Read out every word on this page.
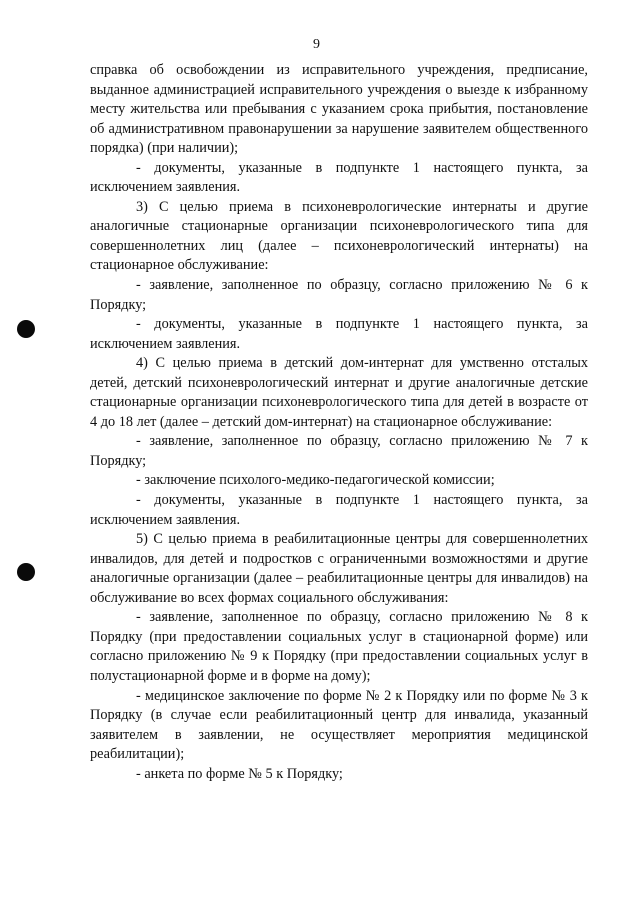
9

справка об освобождении из исправительного учреждения, предписание, выданное администрацией исправительного учреждения о выезде к избранному месту жительства или пребывания с указанием срока прибытия, постановление об административном правонарушении за нарушение заявителем общественного порядка) (при наличии);

- документы, указанные в подпункте 1 настоящего пункта, за исключением заявления.

3) С целью приема в психоневрологические интернаты и другие аналогичные стационарные организации психоневрологического типа для совершеннолетних лиц (далее – психоневрологический интернаты) на стационарное обслуживание:

- заявление, заполненное по образцу, согласно приложению № 6 к Порядку;

- документы, указанные в подпункте 1 настоящего пункта, за исключением заявления.

4) С целью приема в детский дом-интернат для умственно отсталых детей, детский психоневрологический интернат и другие аналогичные детские стационарные организации психоневрологического типа для детей в возрасте от 4 до 18 лет (далее – детский дом-интернат) на стационарное обслуживание:

- заявление, заполненное по образцу, согласно приложению № 7 к Порядку;

- заключение психолого-медико-педагогической комиссии;

- документы, указанные в подпункте 1 настоящего пункта, за исключением заявления.

5) С целью приема в реабилитационные центры для совершеннолетних инвалидов, для детей и подростков с ограниченными возможностями и другие аналогичные организации (далее – реабилитационные центры для инвалидов) на обслуживание во всех формах социального обслуживания:

- заявление, заполненное по образцу, согласно приложению № 8 к Порядку (при предоставлении социальных услуг в стационарной форме) или согласно приложению № 9 к Порядку (при предоставлении социальных услуг в полустационарной форме и в форме на дому);

- медицинское заключение по форме № 2 к Порядку или по форме № 3 к Порядку (в случае если реабилитационный центр для инвалида, указанный заявителем в заявлении, не осуществляет мероприятия медицинской реабилитации);

- анкета по форме № 5 к Порядку;
